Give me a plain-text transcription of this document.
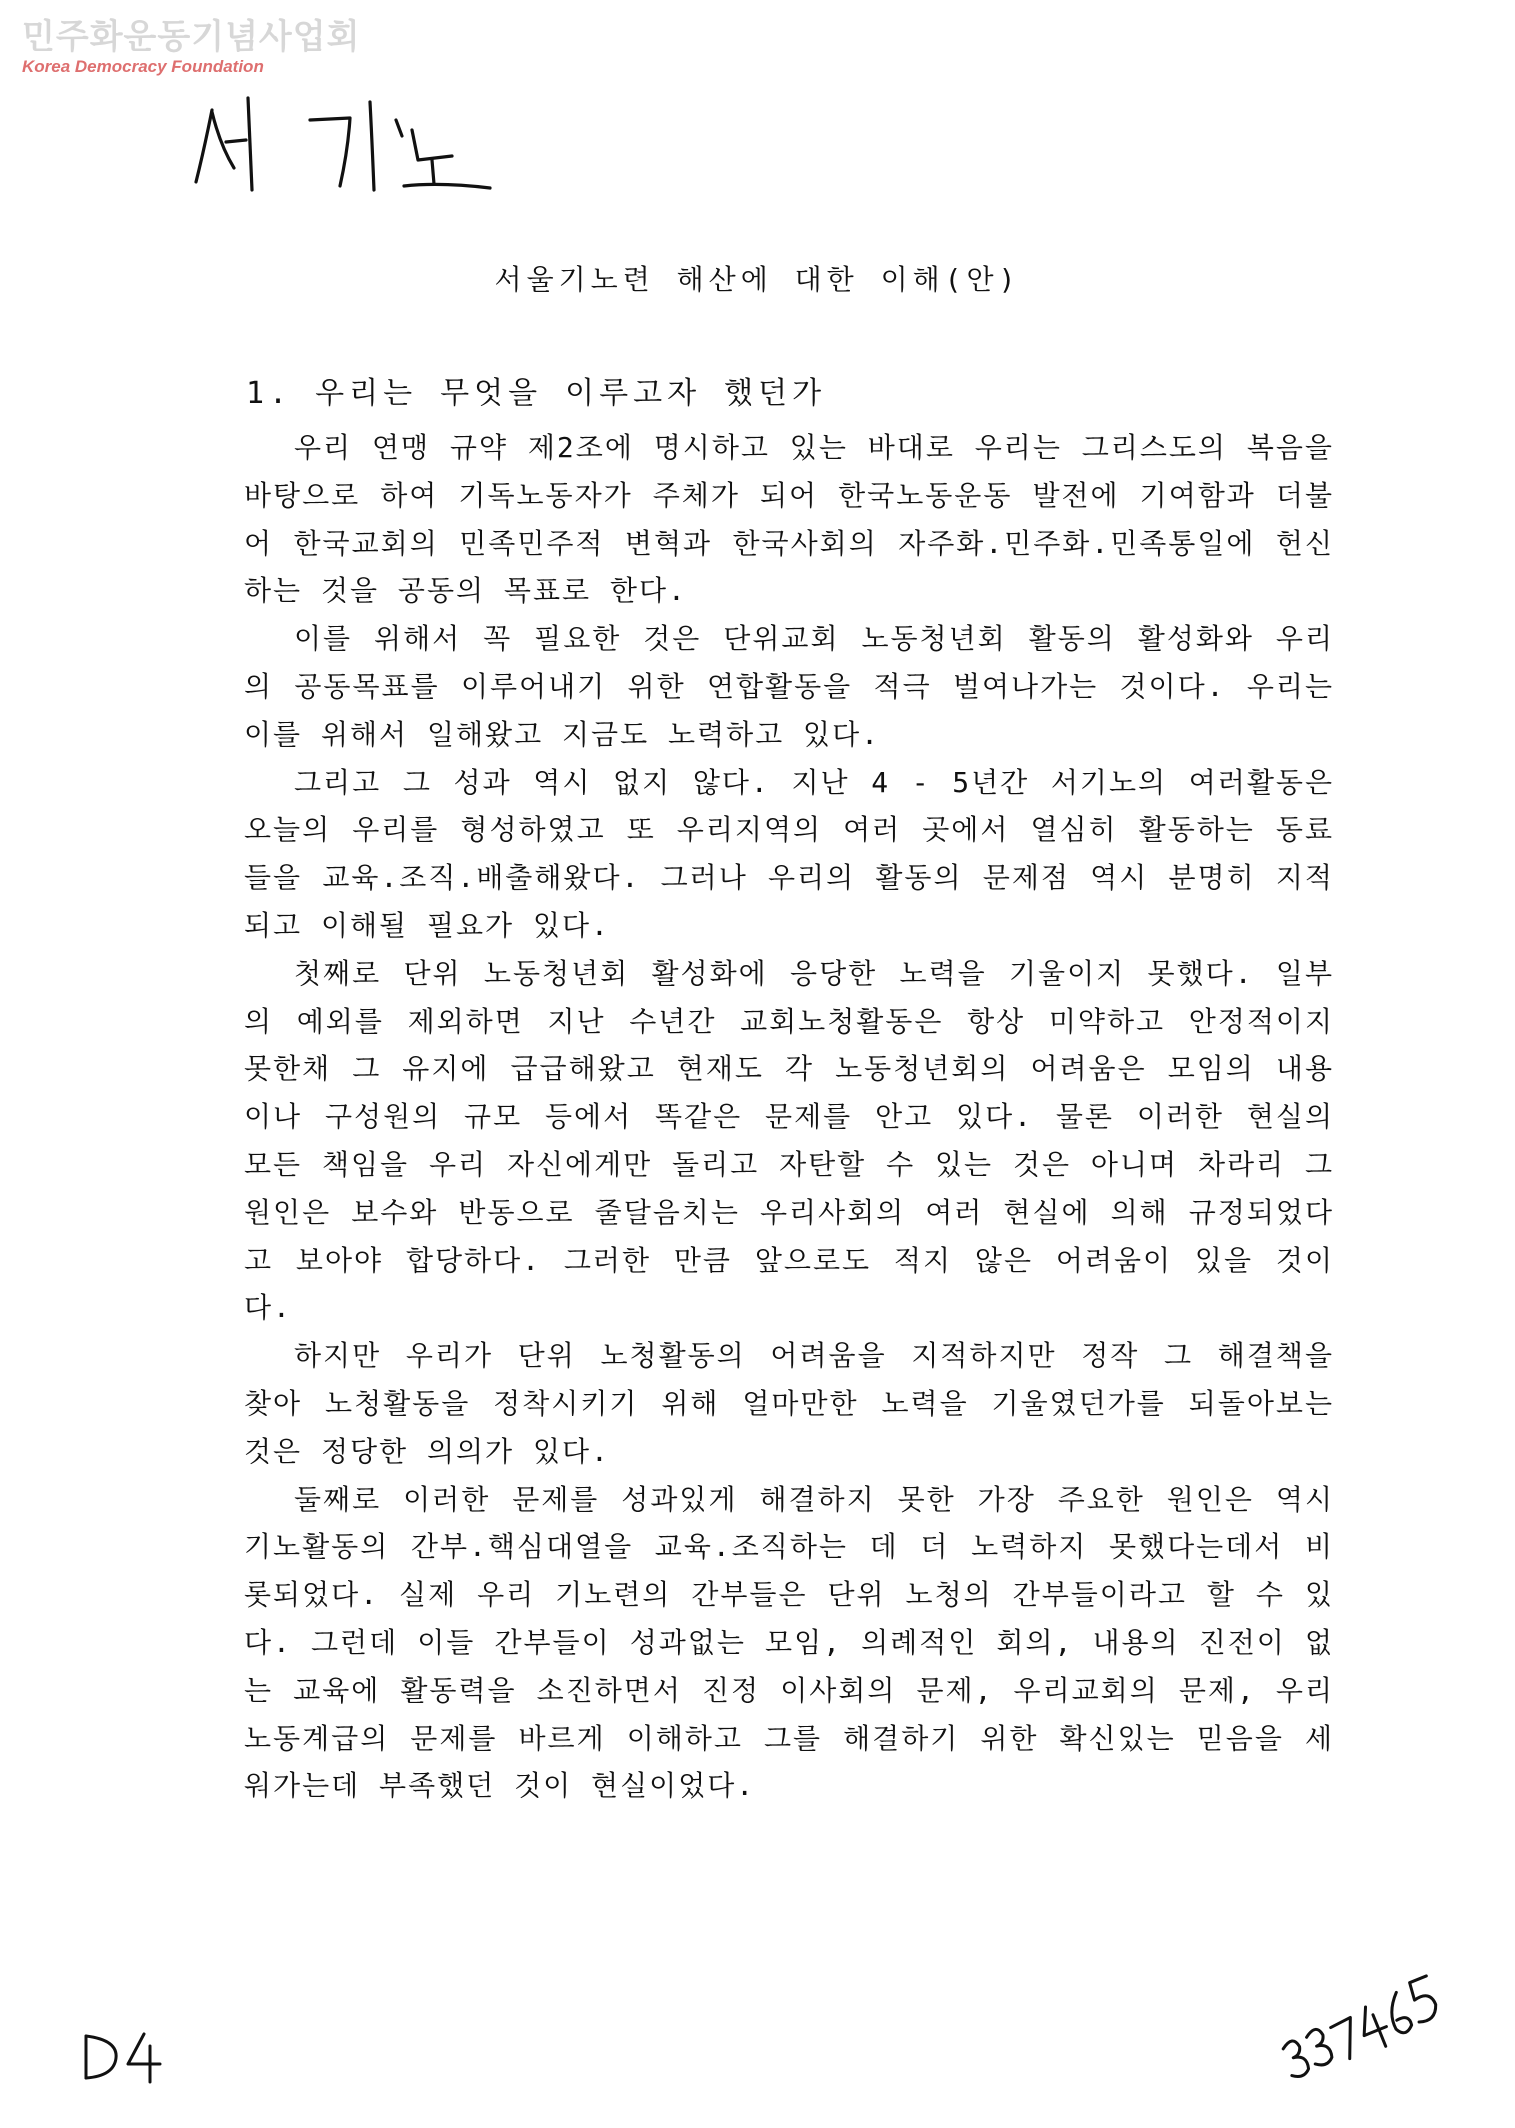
민주화운동기념사업회
Korea Democracy Foundation
서울기노련 해산에 대한 이해(안)
1. 우리는 무엇을 이루고자 했던가

우리 연맹 규약 제2조에 명시하고 있는 바대로 우리는 그리스도의 복음을 바탕으로 하여 기독노동자가 주체가 되어 한국노동운동 발전에 기여함과 더불어 한국교회의 민족민주적 변혁과 한국사회의 자주화.민주화.민족통일에 헌신하는 것을 공동의 목표로 한다.

이를 위해서 꼭 필요한 것은 단위교회 노동청년회 활동의 활성화와 우리의 공동목표를 이루어내기 위한 연합활동을 적극 벌여나가는 것이다. 우리는 이를 위해서 일해왔고 지금도 노력하고 있다.

그리고 그 성과 역시 없지 않다. 지난 4 - 5년간 서기노의 여러활동은 오늘의 우리를 형성하였고 또 우리지역의 여러 곳에서 열심히 활동하는 동료들을 교육.조직.배출해왔다. 그러나 우리의 활동의 문제점 역시 분명히 지적되고 이해될 필요가 있다.

첫째로 단위 노동청년회 활성화에 응당한 노력을 기울이지 못했다. 일부의 예외를 제외하면 지난 수년간 교회노청활동은 항상 미약하고 안정적이지 못한채 그 유지에 급급해왔고 현재도 각 노동청년회의 어려움은 모임의 내용이나 구성원의 규모 등에서 똑같은 문제를 안고 있다. 물론 이러한 현실의 모든 책임을 우리 자신에게만 돌리고 자탄할 수 있는 것은 아니며 차라리 그 원인은 보수와 반동으로 줄달음치는 우리사회의 여러 현실에 의해 규정되었다고 보아야 합당하다. 그러한 만큼 앞으로도 적지 않은 어려움이 있을 것이다.

하지만 우리가 단위 노청활동의 어려움을 지적하지만 정작 그 해결책을 찾아 노청활동을 정착시키기 위해 얼마만한 노력을 기울였던가를 되돌아보는 것은 정당한 의의가 있다.

둘째로 이러한 문제를 성과있게 해결하지 못한 가장 주요한 원인은 역시 기노활동의 간부.핵심대열을 교육.조직하는 데 더 노력하지 못했다는데서 비롯되었다. 실제 우리 기노련의 간부들은 단위 노청의 간부들이라고 할 수 있다. 그런데 이들 간부들이 성과없는 모임, 의례적인 회의, 내용의 진전이 없는 교육에 활동력을 소진하면서 진정 이사회의 문제, 우리교회의 문제, 우리 노동계급의 문제를 바르게 이해하고 그를 해결하기 위한 확신있는 믿음을 세워가는데 부족했던 것이 현실이었다.
